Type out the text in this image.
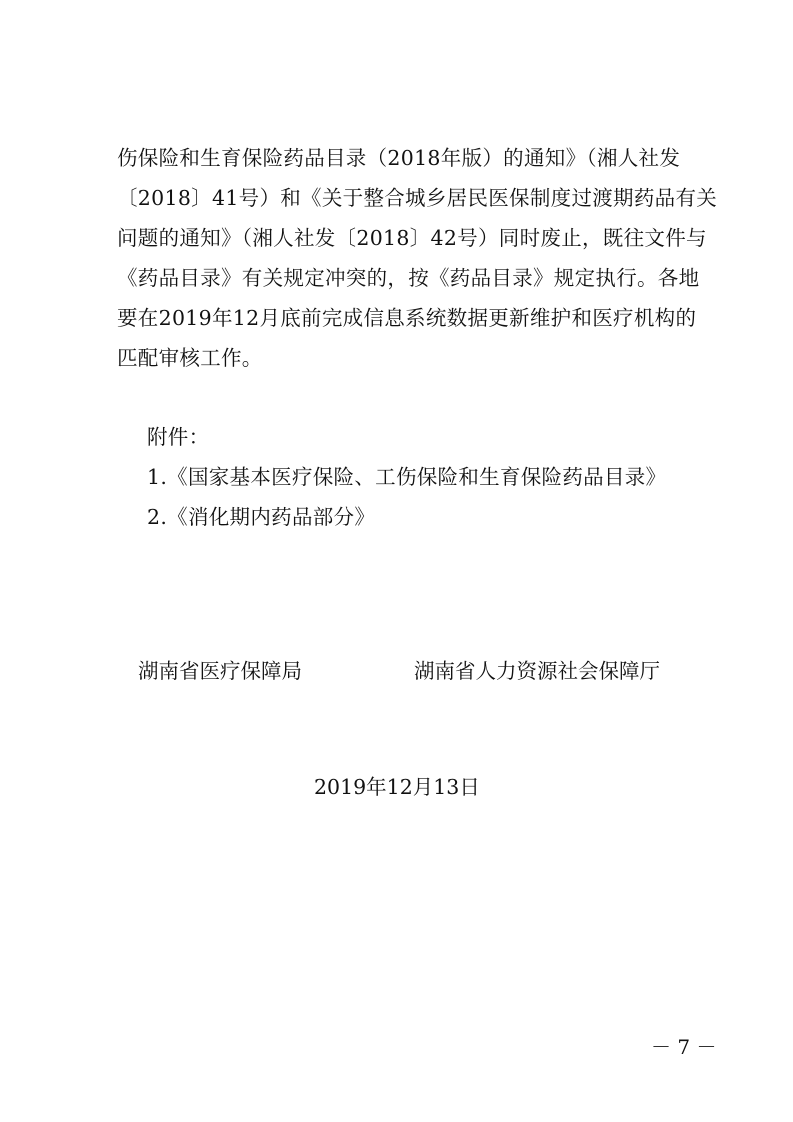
伤保险和生育保险药品目录（2018年版）的通知》（湘人社发
〔2018〕41号）和《关于整合城乡居民医保制度过渡期药品有关
问题的通知》（湘人社发〔2018〕42号）同时废止，既往文件与
《药品目录》有关规定冲突的，按《药品目录》规定执行。各地
要在2019年12月底前完成信息系统数据更新维护和医疗机构的
匹配审核工作。
附件：
1.《国家基本医疗保险、工伤保险和生育保险药品目录》
2.《消化期内药品部分》
湖南省医疗保障局	湖南省人力资源社会保障厅
2019年12月13日
－ 7 －
